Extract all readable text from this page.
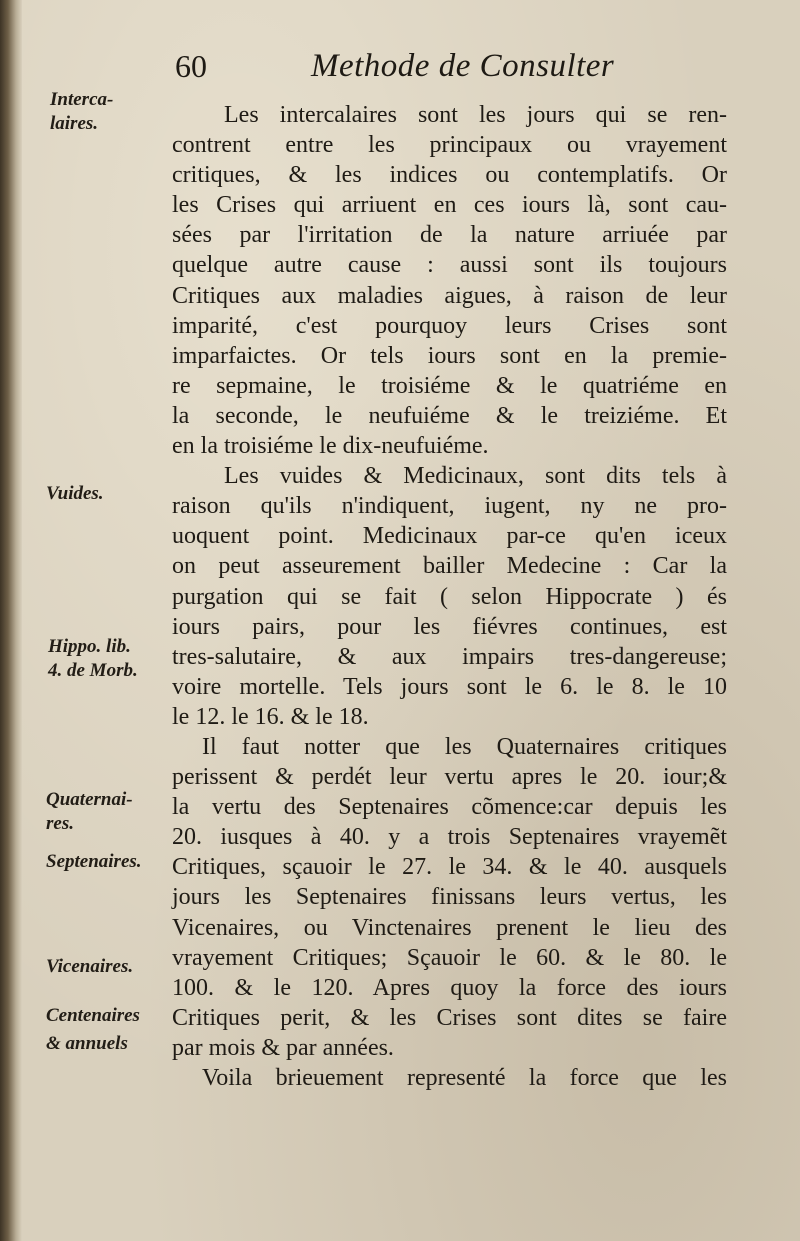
60	Methode de Consulter
Interca-
laires.
Vuides.
Hippo. lib.
4. de Morb.
Quaternai-
res.
Septenaires.
Vicenaires.
Centenaires
& annuels
Les intercalaires sont les jours qui se ren-
contrent entre les principaux ou vrayement
critiques, & les indices ou contemplatifs. Or
les Crises qui arriuent en ces iours là, sont cau-
sées par l'irritation de la nature arriuée par
quelque autre cause : aussi sont ils toujours
Critiques aux maladies aigues, à raison de leur
imparité, c'est pourquoy leurs Crises sont
imparfaictes. Or tels iours sont en la premie-
re sepmaine, le troisiéme & le quatriéme en
la seconde, le neufuiéme & le treiziéme. Et
en la troisiéme le dix-neufuiéme.
Les vuides & Medicinaux, sont dits tels à
raison qu'ils n'indiquent, iugent, ny ne pro-
uoquent point. Medicinaux par-ce qu'en iceux
on peut asseurement bailler Medecine : Car la
purgation qui se fait ( selon Hippocrate ) és
iours pairs, pour les fiévres continues, est
tres-salutaire, & aux impairs tres-dangereuse;
voire mortelle. Tels jours sont le 6. le 8. le 10
le 12. le 16. & le 18.
Il faut notter que les Quaternaires critiques
perissent & perdét leur vertu apres le 20. iour;&
la vertu des Septenaires cõmence:car depuis les
20. iusques à 40. y a trois Septenaires vrayemẽt
Critiques, sçauoir le 27. le 34. & le 40. ausquels
jours les Septenaires finissans leurs vertus, les
Vicenaires, ou Vinctenaires prenent le lieu des
vrayement Critiques; Sçauoir le 60. & le 80. le
100. & le 120. Apres quoy la force des iours
Critiques perit, & les Crises sont dites se faire
par mois & par années.
Voila brieuement representé la force que les
